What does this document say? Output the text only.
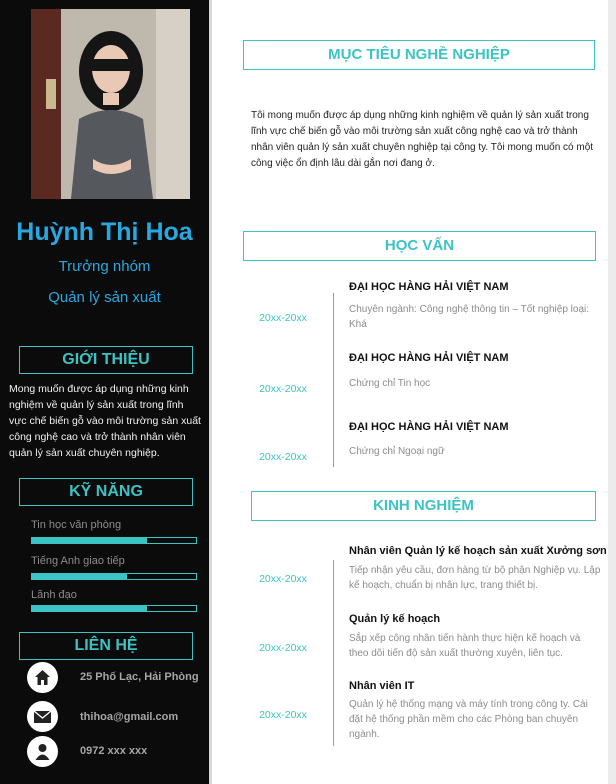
Huỳnh Thị Hoa
Trưởng nhóm
Quản lý sản xuất
GIỚI THIỆU
Mong muốn được áp dụng những kinh nghiệm về quản lý sản xuất trong lĩnh vực chế biến gỗ vào môi trường sản xuất công nghệ cao và trở thành nhân viên quản lý sản xuất chuyên nghiệp.
KỸ NĂNG
Tin học văn phòng
Tiếng Anh giao tiếp
Lãnh đạo
LIÊN HỆ
25 Phố Lạc, Hải Phòng
thihoa@gmail.com
0972 xxx xxx
MỤC TIÊU NGHỀ NGHIỆP
Tôi mong muốn được áp dụng những kinh nghiệm về quản lý sản xuất trong lĩnh vực chế biến gỗ vào môi trường sản xuất công nghệ cao và trở thành nhân viên quản lý sản xuất chuyên nghiệp tại công ty. Tôi mong muốn có một công việc ổn định lâu dài gắn nơi đang ở.
HỌC VẤN
ĐẠI HỌC HÀNG HẢI VIỆT NAM
Chuyên ngành: Công nghệ thông tin – Tốt nghiệp loại: Khá
20xx-20xx
ĐẠI HỌC HÀNG HẢI VIỆT NAM
Chứng chỉ Tin học
20xx-20xx
ĐẠI HỌC HÀNG HẢI VIỆT NAM
Chứng chỉ Ngoại ngữ
20xx-20xx
KINH NGHIỆM
Nhân viên Quản lý kế hoạch sản xuất Xưởng sơn
Tiếp nhận yêu cầu, đơn hàng từ bộ phận Nghiệp vụ. Lập kế hoạch, chuẩn bị nhân lực, trang thiết bị.
20xx-20xx
Quản lý kế hoạch
Sắp xếp công nhân tiến hành thực hiện kế hoạch và theo dõi tiến độ sản xuất thường xuyên, liên tục.
20xx-20xx
Nhân viên IT
Quản lý hệ thống mạng và máy tính trong công ty. Cài đặt hệ thống phần mềm cho các Phòng ban chuyên ngành.
20xx-20xx
